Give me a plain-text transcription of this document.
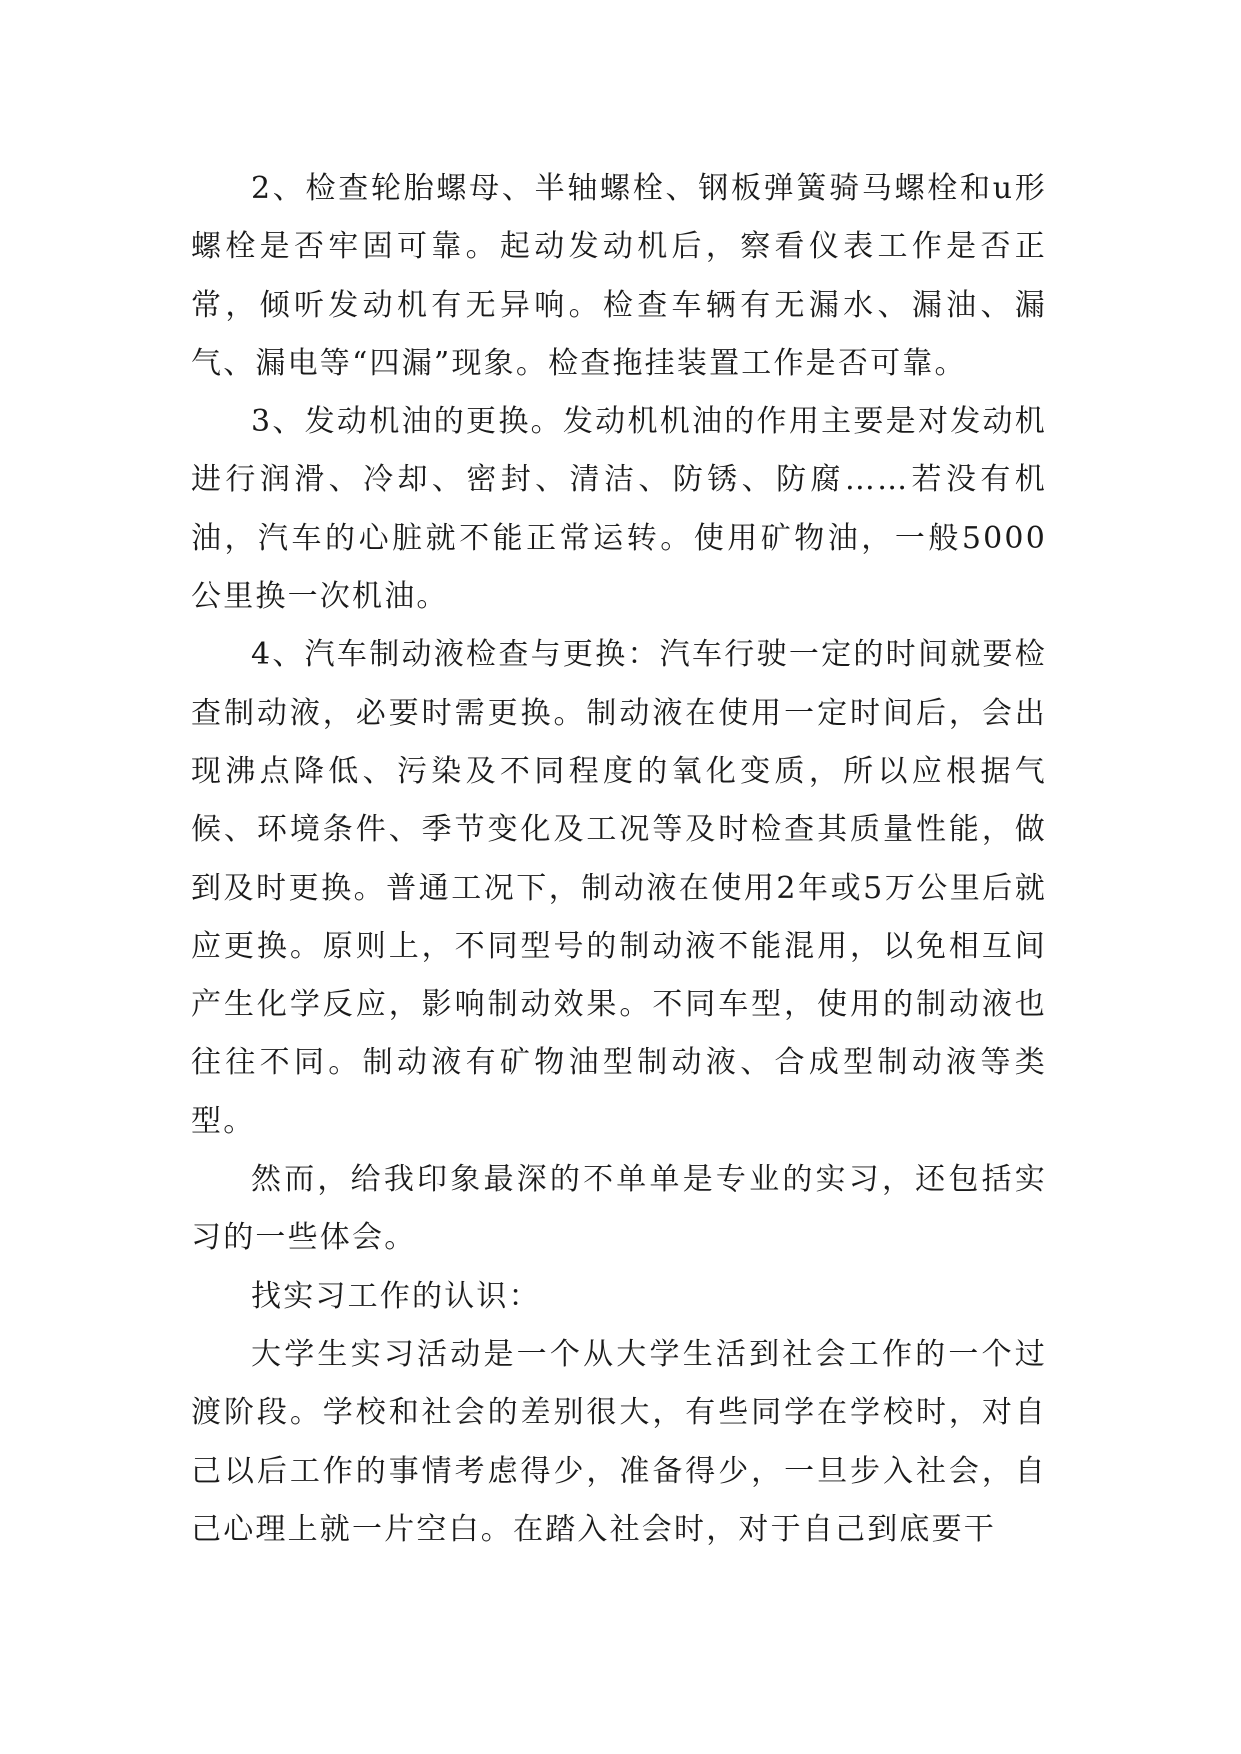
2、检查轮胎螺母、半轴螺栓、钢板弹簧骑马螺栓和u形螺栓是否牢固可靠。起动发动机后，察看仪表工作是否正常，倾听发动机有无异响。检查车辆有无漏水、漏油、漏气、漏电等“四漏”现象。检查拖挂装置工作是否可靠。

3、发动机油的更换。发动机机油的作用主要是对发动机进行润滑、冷却、密封、清洁、防锈、防腐……若没有机油，汽车的心脏就不能正常运转。使用矿物油，一般5000公里换一次机油。

4、汽车制动液检查与更换：汽车行驶一定的时间就要检查制动液，必要时需更换。制动液在使用一定时间后，会出现沸点降低、污染及不同程度的氧化变质，所以应根据气候、环境条件、季节变化及工况等及时检查其质量性能，做到及时更换。普通工况下，制动液在使用2年或5万公里后就应更换。原则上，不同型号的制动液不能混用，以免相互间产生化学反应，影响制动效果。不同车型，使用的制动液也往往不同。制动液有矿物油型制动液、合成型制动液等类型。

然而，给我印象最深的不单单是专业的实习，还包括实习的一些体会。

找实习工作的认识：

大学生实习活动是一个从大学生活到社会工作的一个过渡阶段。学校和社会的差别很大，有些同学在学校时，对自己以后工作的事情考虑得少，准备得少，一旦步入社会，自己心理上就一片空白。在踏入社会时，对于自己到底要干
